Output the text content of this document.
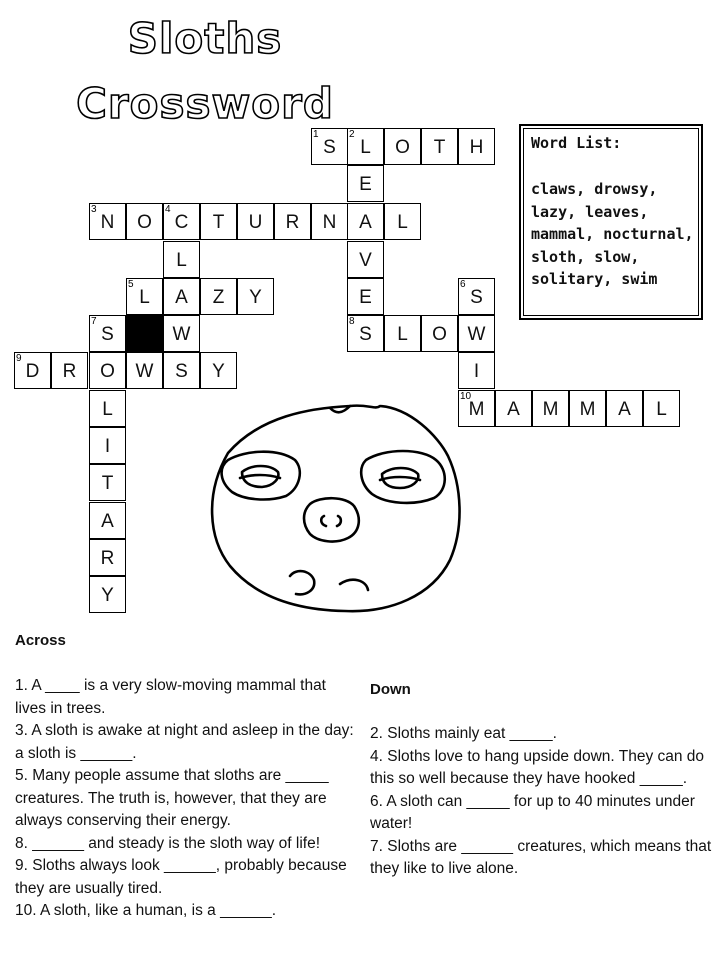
Sloths
Crossword
1
S
2
L	O	T	H
E
3
N	O
4
C	T	U	R	N	A	L
L	V
5
L	A	Z	Y	E
6
S
7
S	W
8
S	L	O	W
9
D	R	O	W	S	Y	I
L
10
M	A	M	M	A	L
I
T
A
R
Y
Word List:
claws, drowsy, lazy, leaves, mammal, nocturnal, sloth, slow, solitary, swim
Across
1. A ____ is a very slow-moving mammal that lives in trees.
3. A sloth is awake at night and asleep in the day: a sloth is ______.
5. Many people assume that sloths are _____ creatures. The truth is, however, that they are always conserving their energy.
8. ______ and steady is the sloth way of life!
9. Sloths always look ______, probably because they are usually tired.
10. A sloth, like a human, is a ______.
Down
2. Sloths mainly eat _____.
4. Sloths love to hang upside down. They can do this so well because they have hooked _____.
6. A sloth can _____ for up to 40 minutes under water!
7. Sloths are ______ creatures, which means that they like to live alone.
